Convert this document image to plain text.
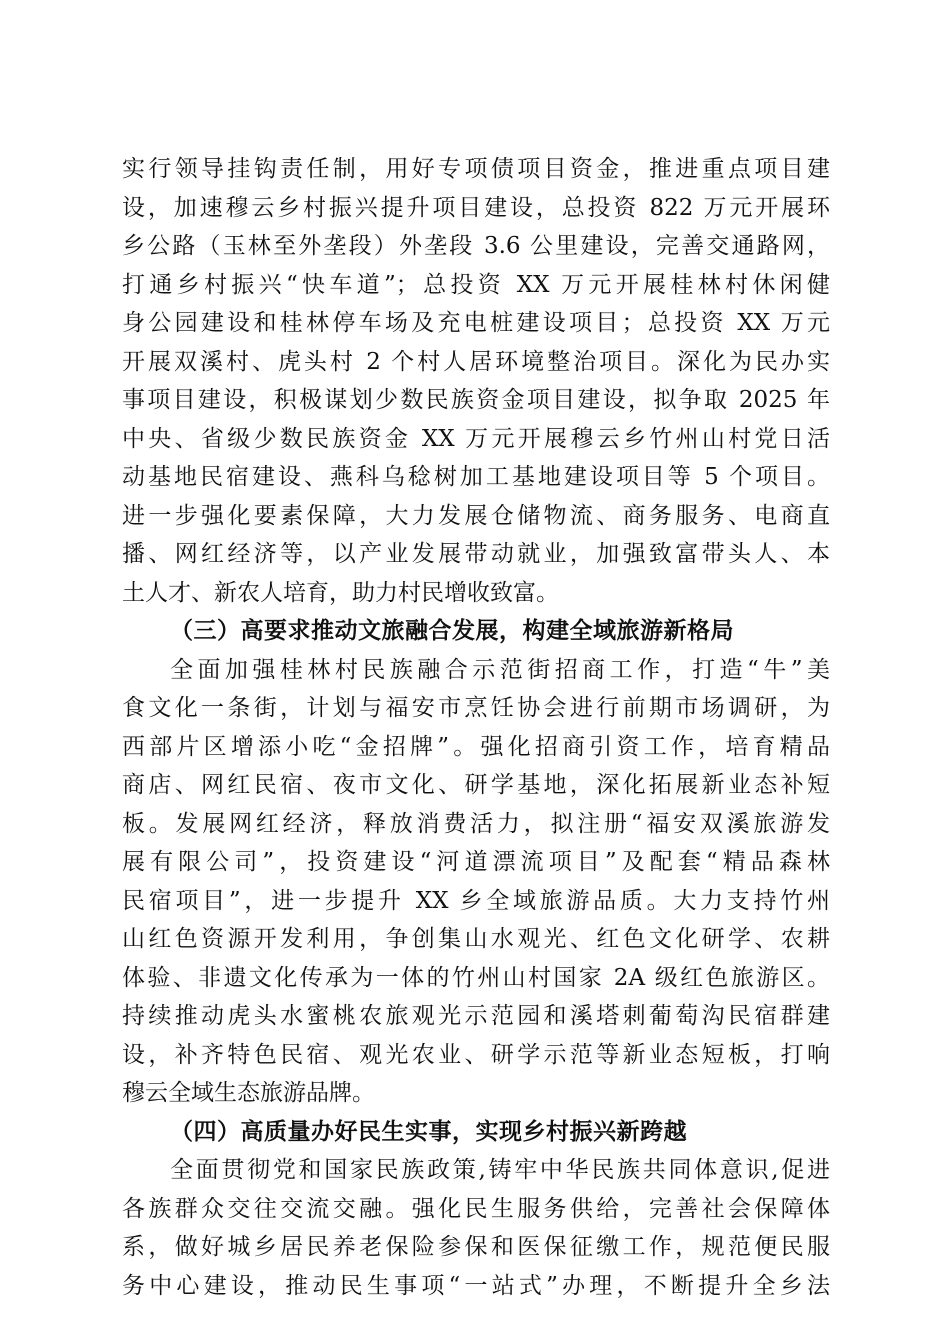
实行领导挂钩责任制，用好专项债项目资金，推进重点项目建
设，加速穆云乡村振兴提升项目建设，总投资 822 万元开展环
乡公路（玉林至外垄段）外垄段 3.6 公里建设，完善交通路网，
打通乡村振兴“快车道”；总投资 XX 万元开展桂林村休闲健
身公园建设和桂林停车场及充电桩建设项目；总投资 XX 万元
开展双溪村、虎头村 2 个村人居环境整治项目。深化为民办实
事项目建设，积极谋划少数民族资金项目建设，拟争取 2025 年
中央、省级少数民族资金 XX 万元开展穆云乡竹州山村党日活
动基地民宿建设、燕科乌稔树加工基地建设项目等 5 个项目。
进一步强化要素保障，大力发展仓储物流、商务服务、电商直
播、网红经济等，以产业发展带动就业，加强致富带头人、本
土人才、新农人培育，助力村民增收致富。
（三）高要求推动文旅融合发展，构建全域旅游新格局
全面加强桂林村民族融合示范街招商工作，打造“牛”美
食文化一条街，计划与福安市烹饪协会进行前期市场调研，为
西部片区增添小吃“金招牌”。强化招商引资工作，培育精品
商店、网红民宿、夜市文化、研学基地，深化拓展新业态补短
板。发展网红经济，释放消费活力，拟注册“福安双溪旅游发
展有限公司”，投资建设“河道漂流项目”及配套“精品森林
民宿项目”，进一步提升 XX 乡全域旅游品质。大力支持竹州
山红色资源开发利用，争创集山水观光、红色文化研学、农耕
体验、非遗文化传承为一体的竹州山村国家 2A 级红色旅游区。
持续推动虎头水蜜桃农旅观光示范园和溪塔刺葡萄沟民宿群建
设，补齐特色民宿、观光农业、研学示范等新业态短板，打响
穆云全域生态旅游品牌。
（四）高质量办好民生实事，实现乡村振兴新跨越
全面贯彻党和国家民族政策,铸牢中华民族共同体意识,促进
各族群众交往交流交融。强化民生服务供给，完善社会保障体
系，做好城乡居民养老保险参保和医保征缴工作，规范便民服
务中心建设，推动民生事项“一站式”办理，不断提升全乡法
